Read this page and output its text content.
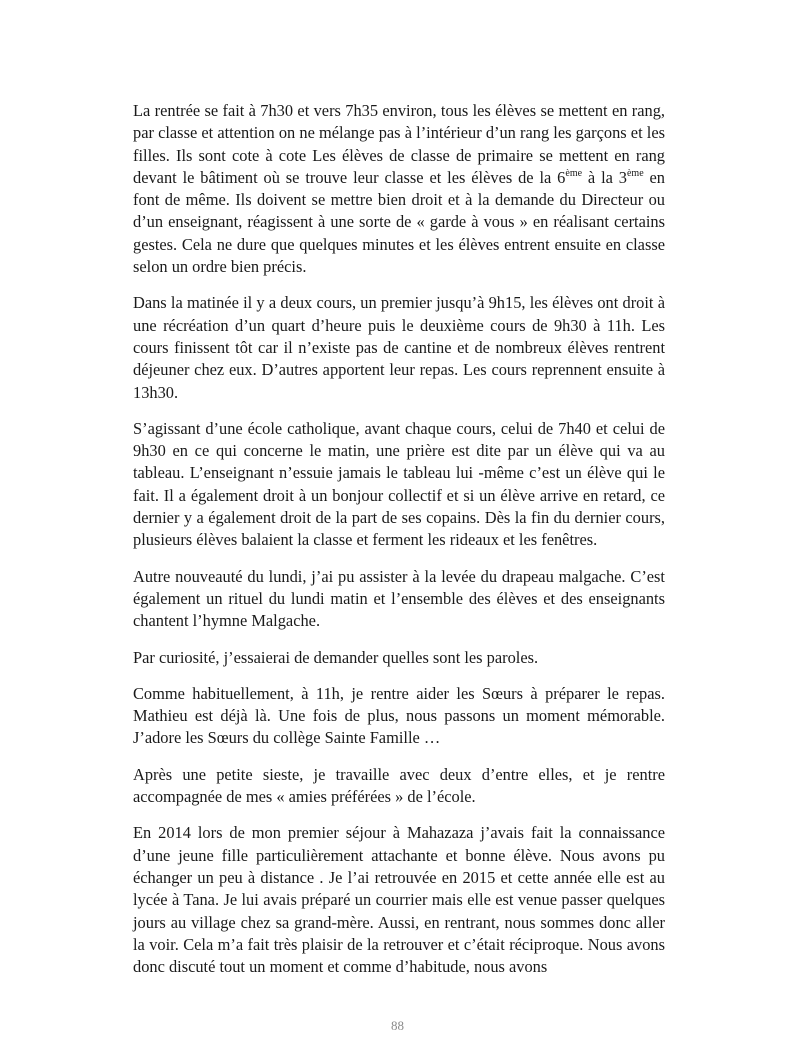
La rentrée se fait à 7h30 et vers 7h35 environ, tous les élèves se mettent en rang, par classe et attention on ne mélange pas à l’intérieur d’un rang les garçons et les filles. Ils sont cote à cote Les élèves de classe de primaire se mettent en rang devant le bâtiment où se trouve leur classe et les élèves de la 6ème à la 3ème en font de même. Ils doivent se mettre bien droit et à la demande du Directeur ou d’un enseignant, réagissent à une sorte de « garde à vous » en réalisant certains gestes. Cela ne dure que quelques minutes et les élèves entrent ensuite en classe selon un ordre bien précis.

Dans la matinée il y a deux cours, un premier jusqu’à 9h15, les élèves ont droit à une récréation d’un quart d’heure puis le deuxième cours de 9h30 à 11h. Les cours finissent tôt car il n’existe pas de cantine et de nombreux élèves rentrent déjeuner chez eux. D’autres apportent leur repas. Les cours reprennent ensuite à 13h30.

S’agissant d’une école catholique, avant chaque cours, celui de 7h40 et celui de 9h30 en ce qui concerne le matin, une prière est dite par un élève qui va au tableau. L’enseignant n’essuie jamais le tableau lui -même c’est un élève qui le fait. Il a également droit à un bonjour collectif et si un élève arrive en retard, ce dernier y a également droit de la part de ses copains. Dès la fin du dernier cours, plusieurs élèves balaient la classe et ferment les rideaux et les fenêtres.

Autre nouveauté du lundi, j’ai pu assister à la levée du drapeau malgache. C’est également un rituel du lundi matin et l’ensemble des élèves et des enseignants chantent l’hymne Malgache.

Par curiosité, j’essaierai de demander quelles sont les paroles.

Comme habituellement, à 11h, je rentre aider les Sœurs à préparer le repas. Mathieu est déjà là. Une fois de plus, nous passons un moment mémorable. J’adore les Sœurs du collège Sainte Famille …

Après une petite sieste, je travaille avec deux d’entre elles, et je rentre accompagnée de mes « amies préférées » de l’école.

En 2014 lors de mon premier séjour à Mahazaza j’avais fait la connaissance d’une jeune fille particulièrement attachante et bonne élève. Nous avons pu échanger un peu à distance . Je l’ai retrouvée en 2015 et cette année elle est au lycée à Tana. Je lui avais préparé un courrier mais elle est venue passer quelques jours au village chez sa grand-mère. Aussi, en rentrant, nous sommes donc aller la voir. Cela m’a fait très plaisir de la retrouver et c’était réciproque. Nous avons donc discuté tout un moment et comme d’habitude, nous avons

88
